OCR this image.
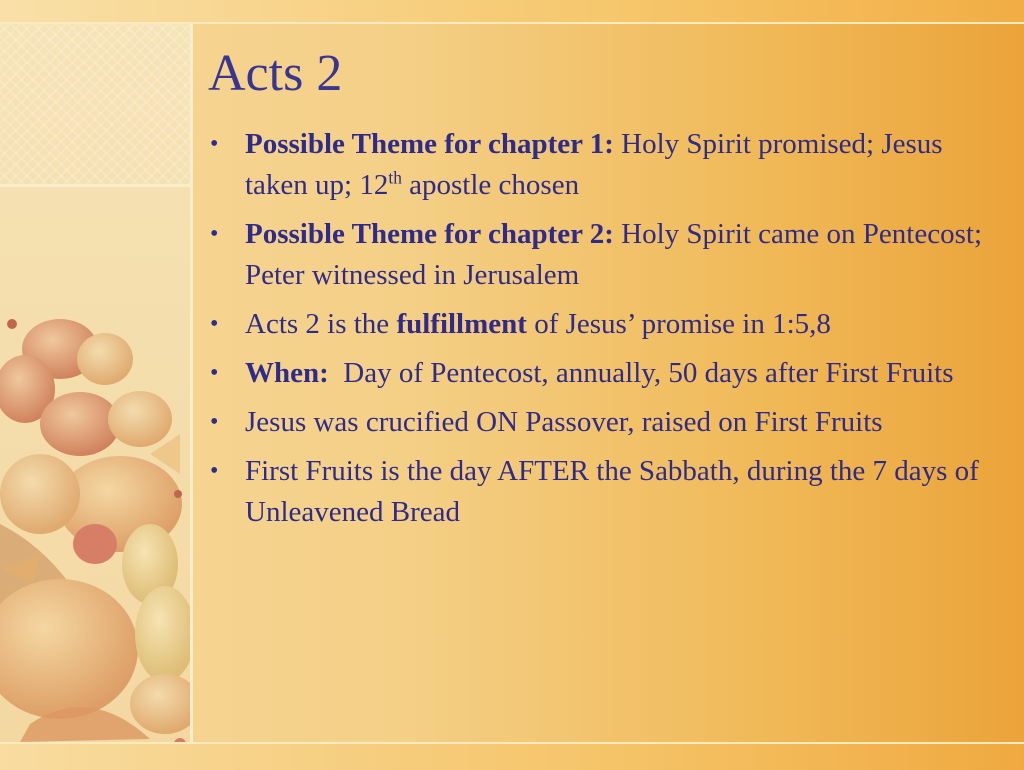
Acts 2
• Possible Theme for chapter 1: Holy Spirit promised; Jesus taken up; 12th apostle chosen
• Possible Theme for chapter 2: Holy Spirit came on Pentecost; Peter witnessed in Jerusalem
• Acts 2 is the fulfillment of Jesus’ promise in 1:5,8
• When:  Day of Pentecost, annually, 50 days after First Fruits
• Jesus was crucified ON Passover, raised on First Fruits
• First Fruits is the day AFTER the Sabbath, during the 7 days of Unleavened Bread
